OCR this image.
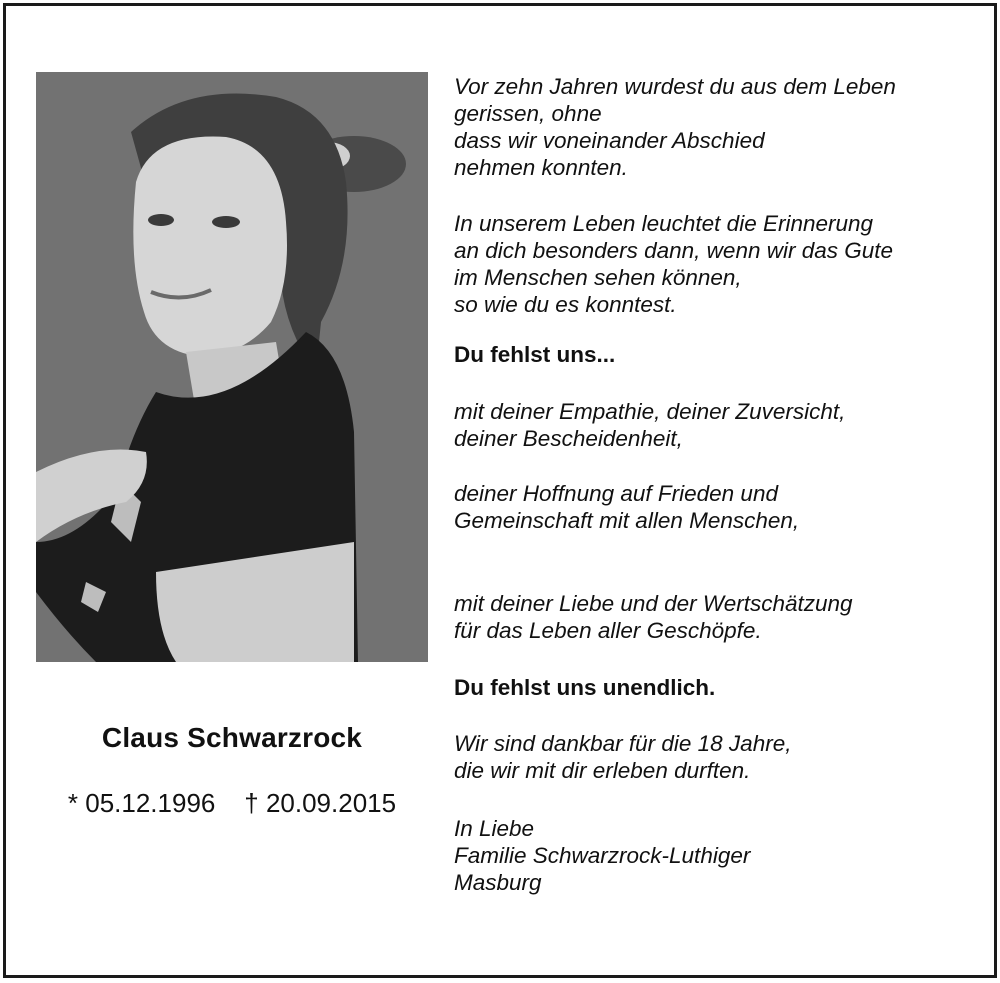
Claus Schwarzrock
* 05.12.1996    † 20.09.2015
Vor zehn Jahren wurdest du aus dem Leben
gerissen, ohne
dass wir voneinander Abschied
nehmen konnten.
In unserem Leben leuchtet die Erinnerung
an dich besonders dann, wenn wir das Gute
im Menschen sehen können,
so wie du es konntest.
Du fehlst uns...
mit deiner Empathie, deiner Zuversicht,
deiner Bescheidenheit,
deiner Hoffnung auf Frieden und
Gemeinschaft mit allen Menschen,
mit deiner Liebe und der Wertschätzung
für das Leben aller Geschöpfe.
Du fehlst uns unendlich.
Wir sind dankbar für die 18 Jahre,
die wir mit dir erleben durften.
In Liebe
Familie Schwarzrock-Luthiger
Masburg
